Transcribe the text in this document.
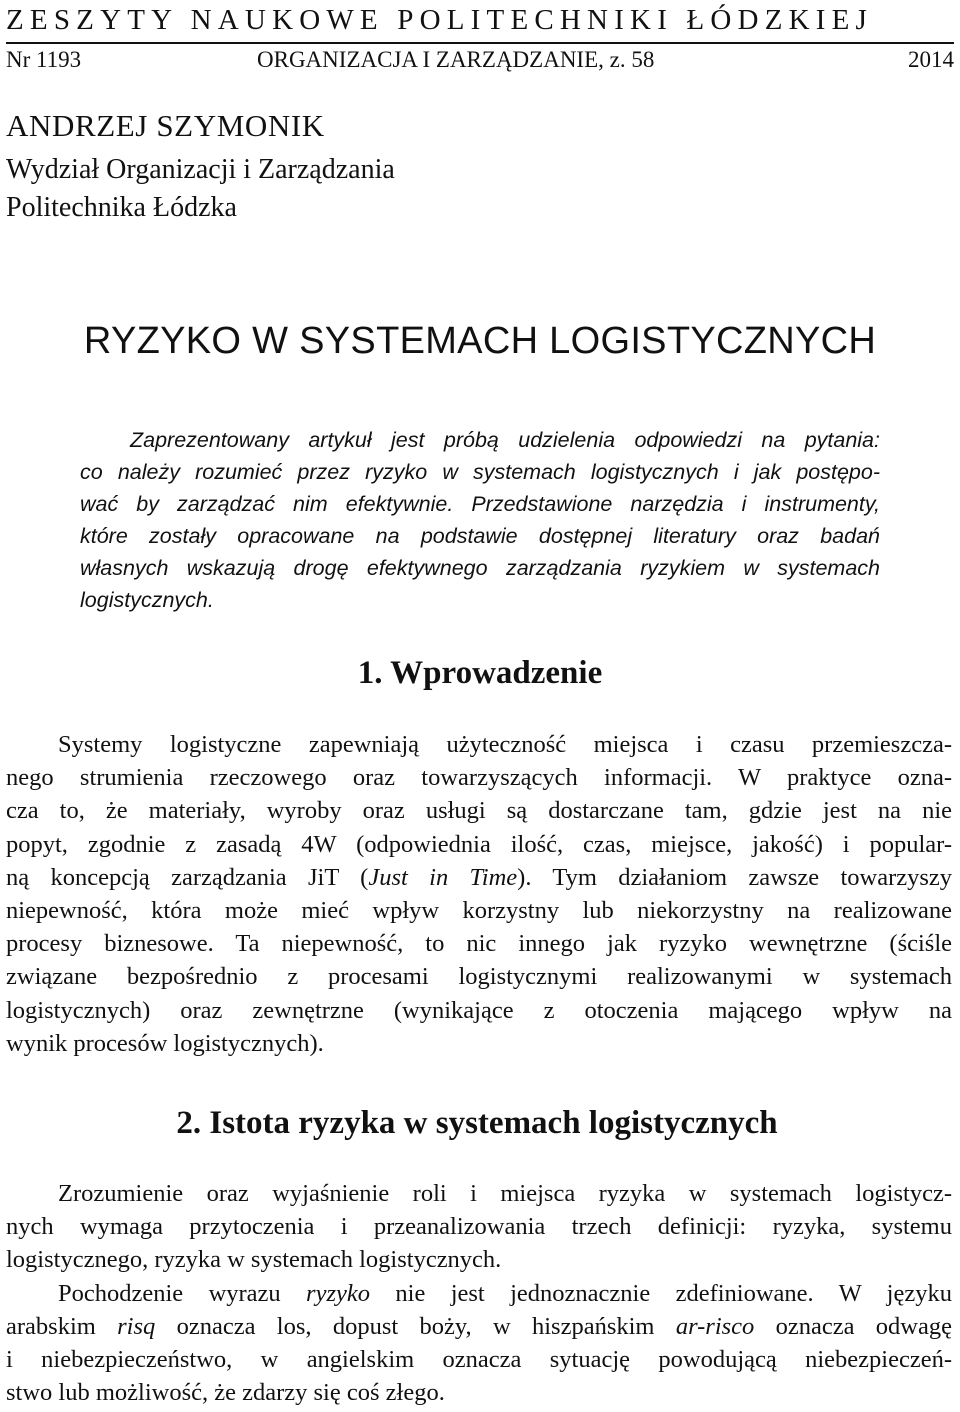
ZESZYTY NAUKOWE POLITECHNIKI ŁÓDZKIEJ
Nr 1193	ORGANIZACJA I ZARZĄDZANIE, z. 58	2014
ANDRZEJ SZYMONIK
Wydział Organizacji i Zarządzania
Politechnika Łódzka
RYZYKO W SYSTEMACH LOGISTYCZNYCH
Zaprezentowany artykuł jest próbą udzielenia odpowiedzi na pytania:
co należy rozumieć przez ryzyko w systemach logistycznych i jak postępo-
wać by zarządzać nim efektywnie. Przedstawione narzędzia i instrumenty,
które zostały opracowane na podstawie dostępnej literatury oraz badań
własnych wskazują drogę efektywnego zarządzania ryzykiem w systemach
logistycznych.
1. Wprowadzenie
Systemy logistyczne zapewniają użyteczność miejsca i czasu przemieszcza-
nego strumienia rzeczowego oraz towarzyszących informacji. W praktyce ozna-
cza to, że materiały, wyroby oraz usługi są dostarczane tam, gdzie jest na nie
popyt, zgodnie z zasadą 4W (odpowiednia ilość, czas, miejsce, jakość) i popular-
ną koncepcją zarządzania JiT (Just in Time). Tym działaniom zawsze towarzyszy
niepewność, która może mieć wpływ korzystny lub niekorzystny na realizowane
procesy biznesowe. Ta niepewność, to nic innego jak ryzyko wewnętrzne (ściśle
związane bezpośrednio z procesami logistycznymi realizowanymi w systemach
logistycznych) oraz zewnętrzne (wynikające z otoczenia mającego wpływ na
wynik procesów logistycznych).
2. Istota ryzyka w systemach logistycznych
Zrozumienie oraz wyjaśnienie roli i miejsca ryzyka w systemach logistycz-
nych wymaga przytoczenia i przeanalizowania trzech definicji: ryzyka, systemu
logistycznego, ryzyka w systemach logistycznych.
Pochodzenie wyrazu ryzyko nie jest jednoznacznie zdefiniowane. W języku
arabskim risq oznacza los, dopust boży, w hiszpańskim ar-risco oznacza odwagę
i niebezpieczeństwo, w angielskim oznacza sytuację powodującą niebezpieczeń-
stwo lub możliwość, że zdarzy się coś złego.
